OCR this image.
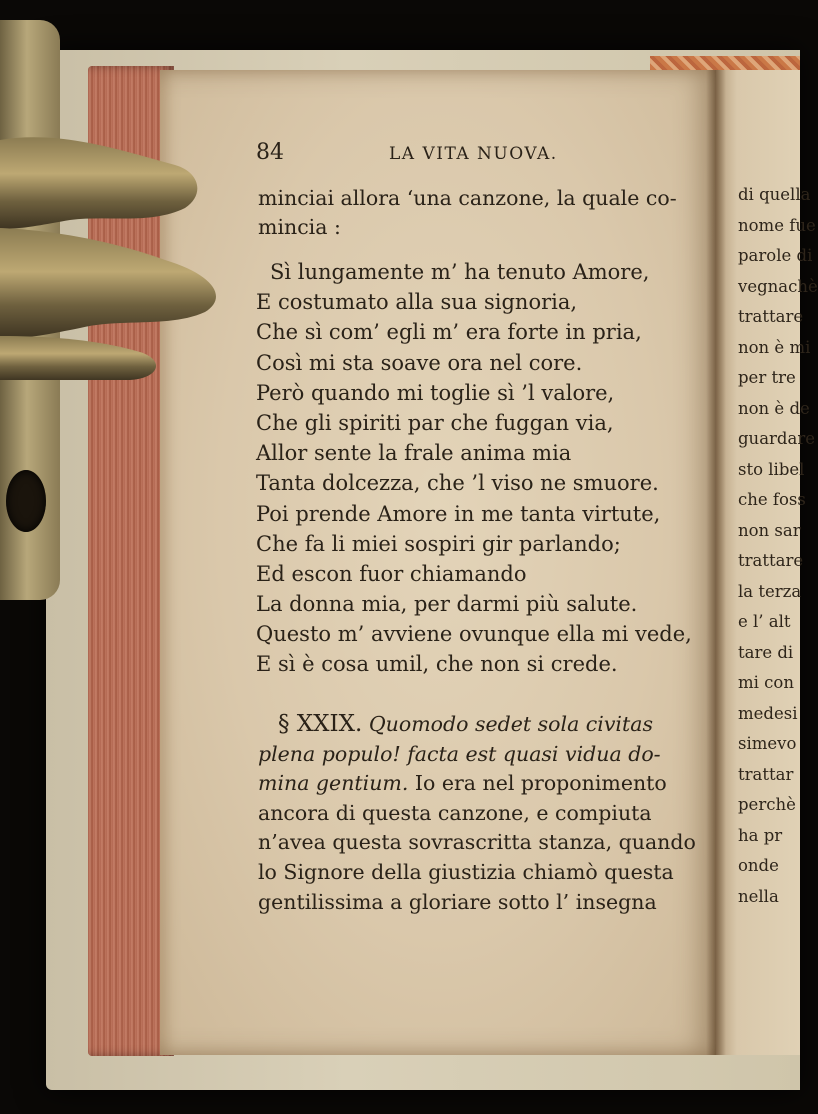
84	LA VITA NUOVA.
minciai allora ‘una canzone, la quale co-
mincia :
Sì lungamente m’ ha tenuto Amore,
E costumato alla sua signoria,
Che sì com’ egli m’ era forte in pria,
Così mi sta soave ora nel core.
Però quando mi toglie sì ’l valore,
Che gli spiriti par che fuggan via,
Allor sente la frale anima mia
Tanta dolcezza, che ’l viso ne smuore.
Poi prende Amore in me tanta virtute,
Che fa li miei sospiri gir parlando;
Ed escon fuor chiamando
La donna mia, per darmi più salute.
Questo m’ avviene ovunque ella mi vede,
E sì è cosa umil, che non si crede.
§ XXIX. Quomodo sedet sola civitas
plena populo! facta est quasi vidua do-
mina gentium. Io era nel proponimento
ancora di questa canzone, e compiuta
n’avea questa sovrascritta stanza, quando
lo Signore della giustizia chiamò questa
gentilissima a gloriare sotto l’ insegna
di quella
nome fue
parole di
vegnachè
trattare
non è mi
per tre
non è de
guardare
sto libel
che foss
non sar
trattare
la terza
e l’ alt
tare di
mi con
medesi
simevo
trattar
perchè
ha pr
onde
nella
